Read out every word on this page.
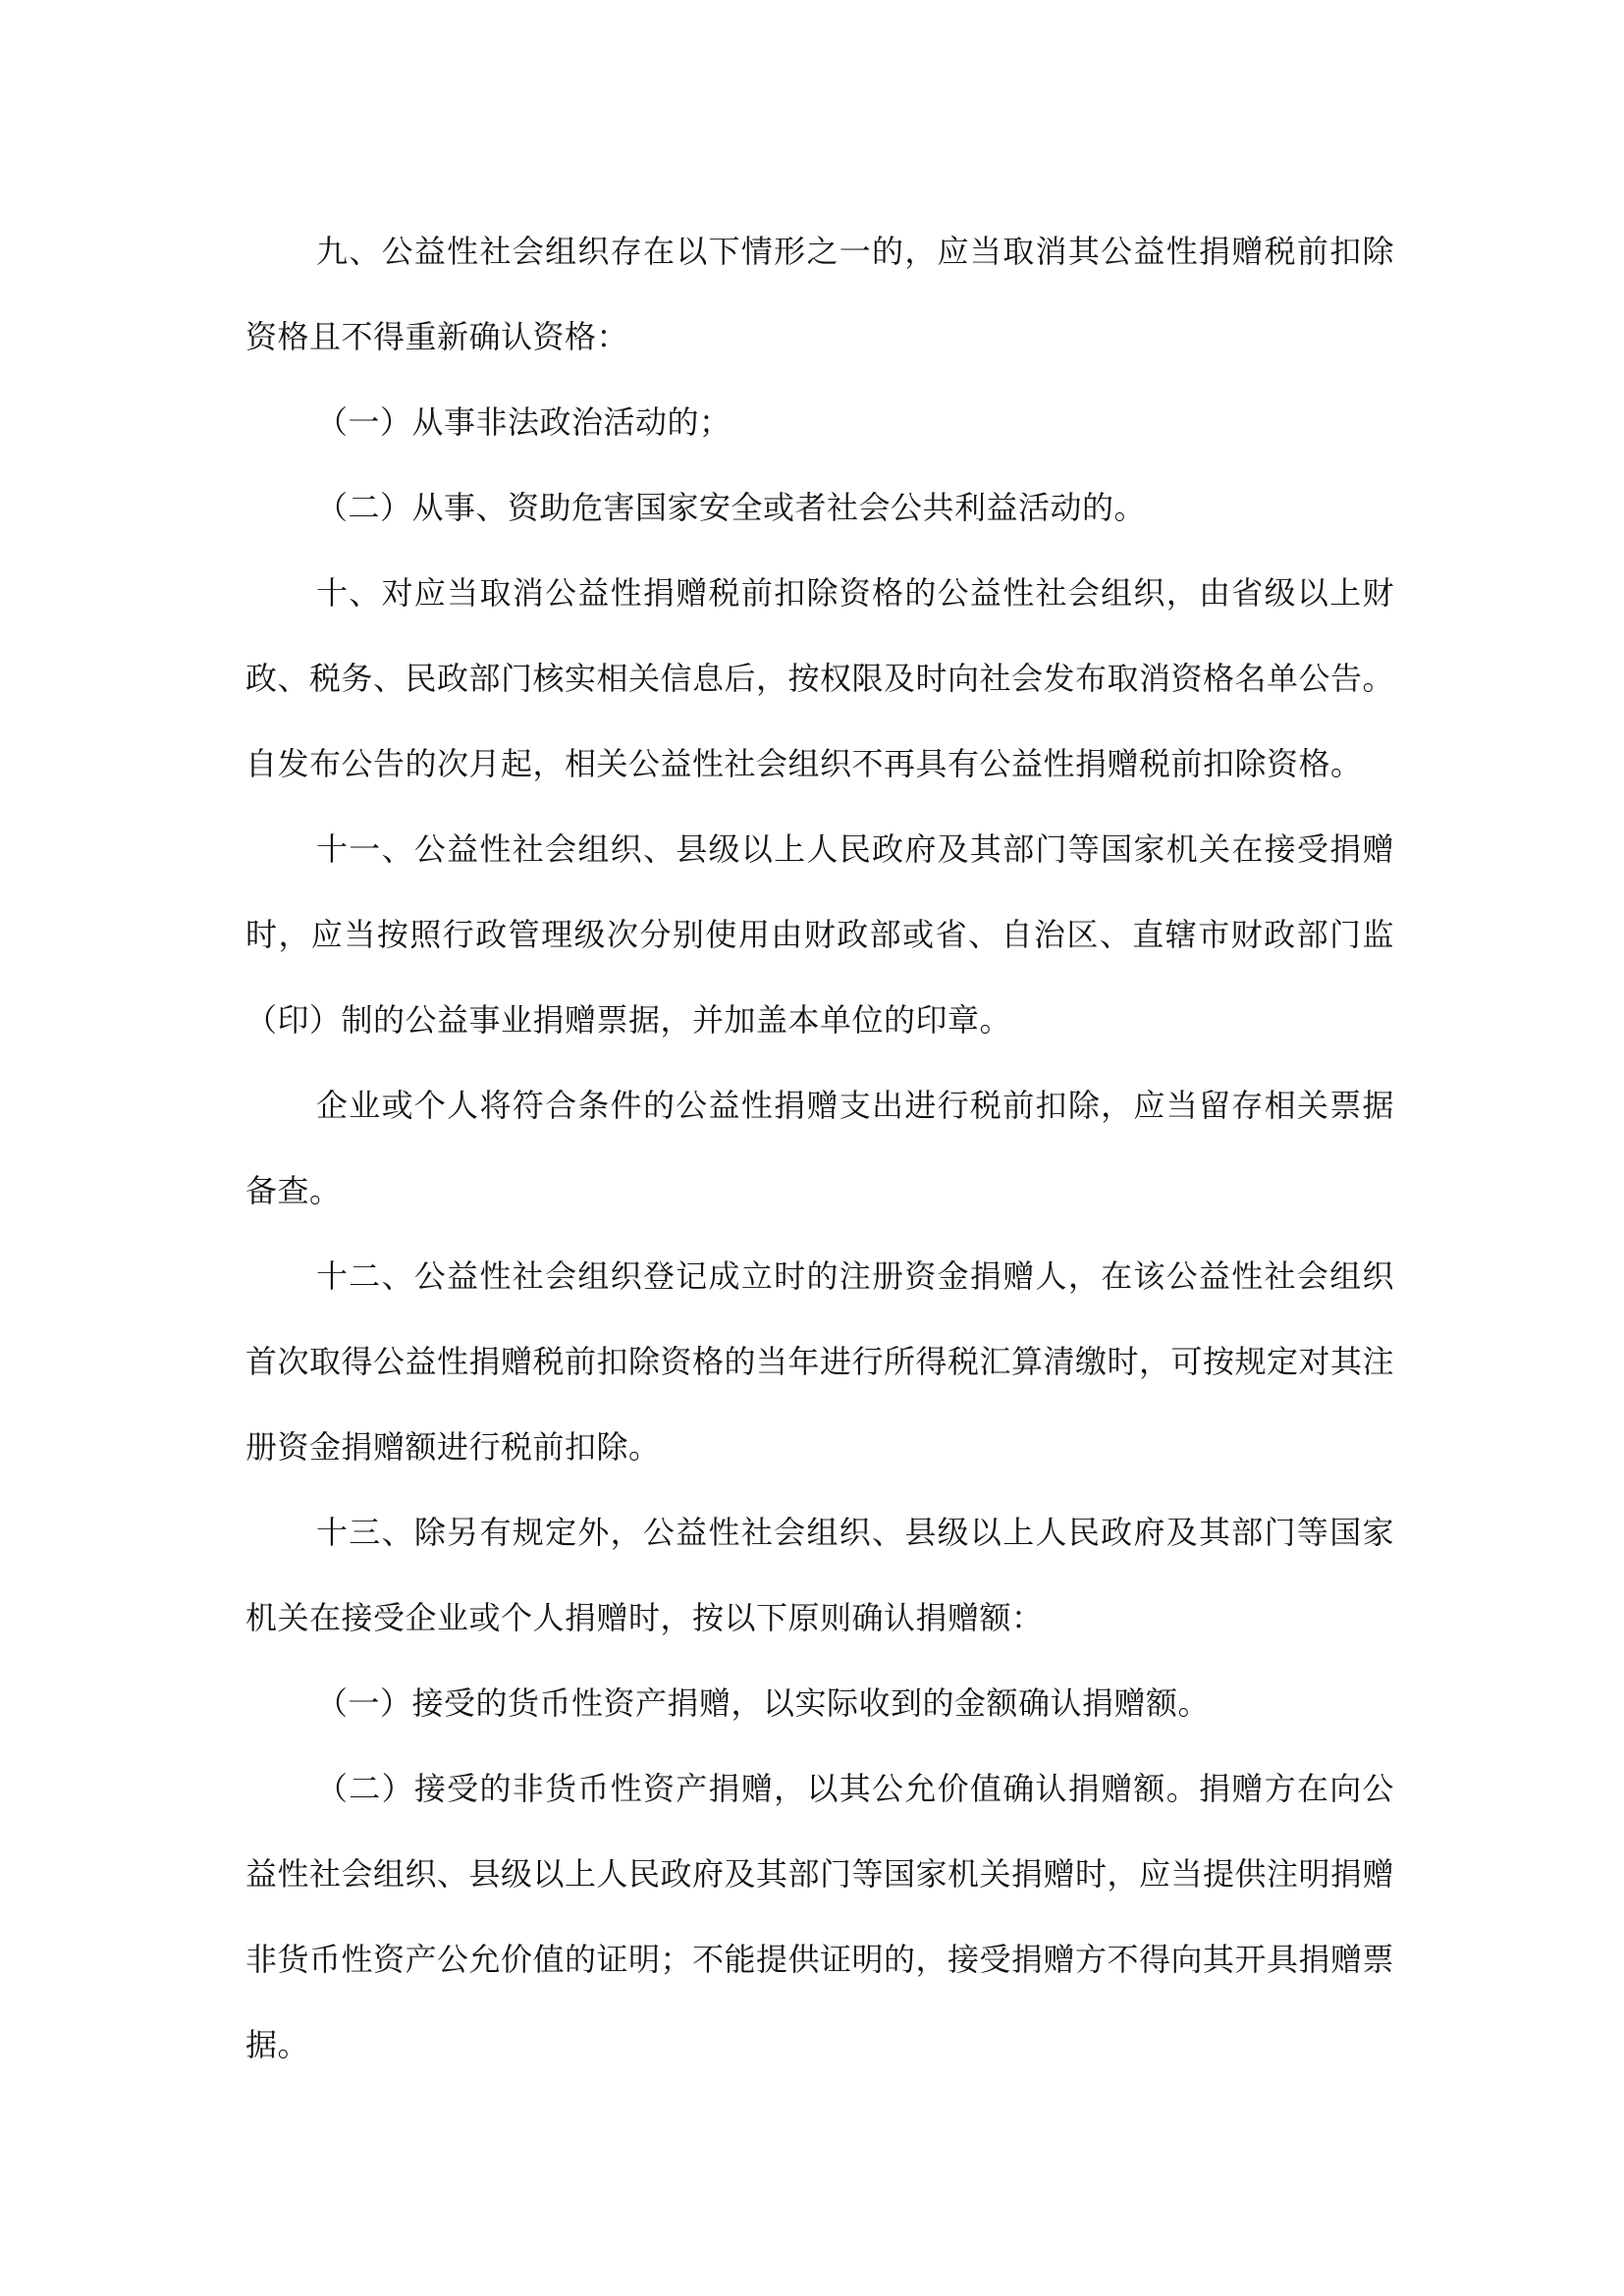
九、公益性社会组织存在以下情形之一的，应当取消其公益性捐赠税前扣除资格且不得重新确认资格：

（一）从事非法政治活动的；

（二）从事、资助危害国家安全或者社会公共利益活动的。

十、对应当取消公益性捐赠税前扣除资格的公益性社会组织，由省级以上财政、税务、民政部门核实相关信息后，按权限及时向社会发布取消资格名单公告。自发布公告的次月起，相关公益性社会组织不再具有公益性捐赠税前扣除资格。

十一、公益性社会组织、县级以上人民政府及其部门等国家机关在接受捐赠时，应当按照行政管理级次分别使用由财政部或省、自治区、直辖市财政部门监（印）制的公益事业捐赠票据，并加盖本单位的印章。

企业或个人将符合条件的公益性捐赠支出进行税前扣除，应当留存相关票据备查。

十二、公益性社会组织登记成立时的注册资金捐赠人，在该公益性社会组织首次取得公益性捐赠税前扣除资格的当年进行所得税汇算清缴时，可按规定对其注册资金捐赠额进行税前扣除。

十三、除另有规定外，公益性社会组织、县级以上人民政府及其部门等国家机关在接受企业或个人捐赠时，按以下原则确认捐赠额：

（一）接受的货币性资产捐赠，以实际收到的金额确认捐赠额。

（二）接受的非货币性资产捐赠，以其公允价值确认捐赠额。捐赠方在向公益性社会组织、县级以上人民政府及其部门等国家机关捐赠时，应当提供注明捐赠非货币性资产公允价值的证明；不能提供证明的，接受捐赠方不得向其开具捐赠票据。
